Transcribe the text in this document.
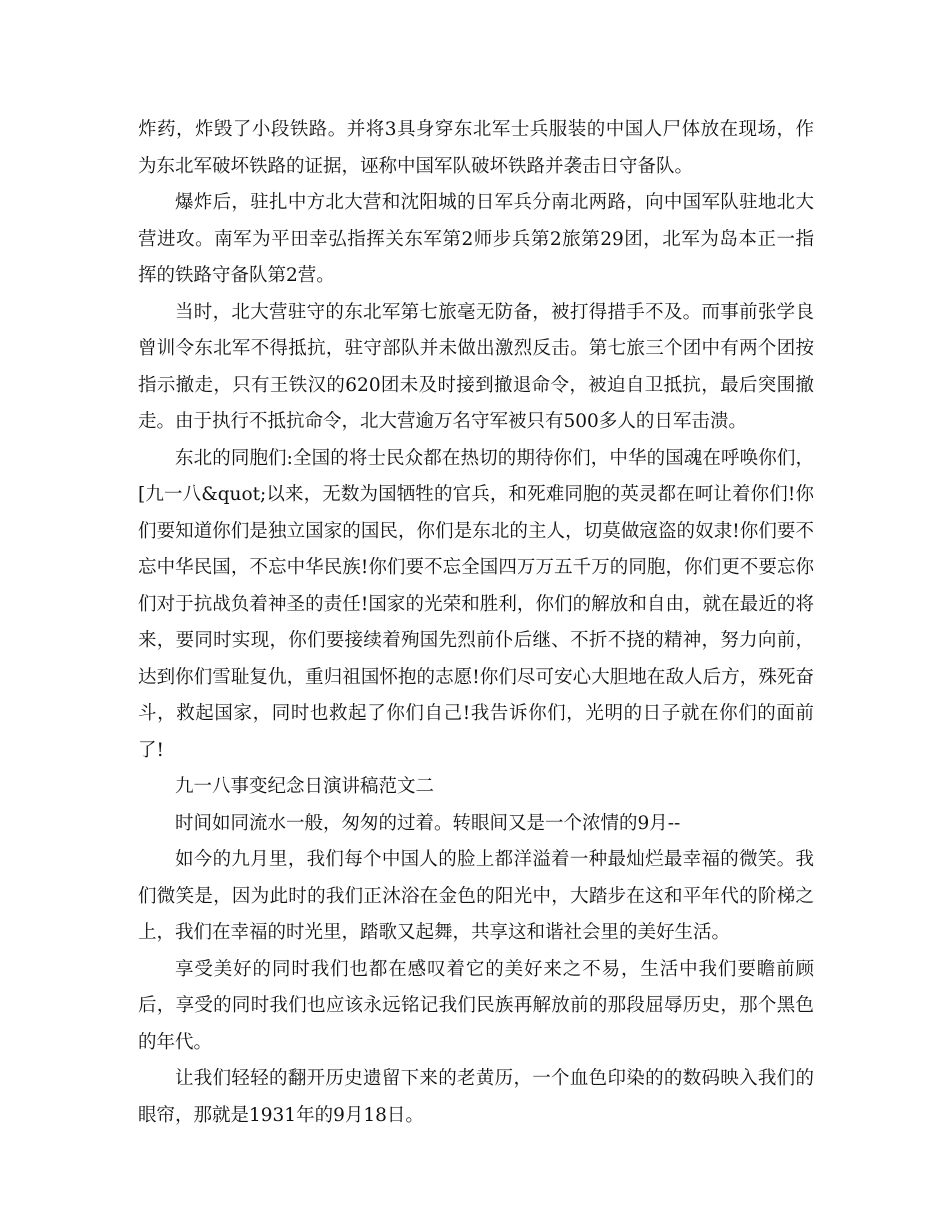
炸药，炸毁了小段铁路。并将3具身穿东北军士兵服装的中国人尸体放在现场，作为东北军破坏铁路的证据，诬称中国军队破坏铁路并袭击日守备队。

爆炸后，驻扎中方北大营和沈阳城的日军兵分南北两路，向中国军队驻地北大营进攻。南军为平田幸弘指挥关东军第2师步兵第2旅第29团，北军为岛本正一指挥的铁路守备队第2营。

当时，北大营驻守的东北军第七旅毫无防备，被打得措手不及。而事前张学良曾训令东北军不得抵抗，驻守部队并未做出激烈反击。第七旅三个团中有两个团按指示撤走，只有王铁汉的620团未及时接到撤退命令，被迫自卫抵抗，最后突围撤走。由于执行不抵抗命令，北大营逾万名守军被只有500多人的日军击溃。

东北的同胞们:全国的将士民众都在热切的期待你们，中华的国魂在呼唤你们，[九一八&quot;以来，无数为国牺牲的官兵，和死难同胞的英灵都在呵让着你们!你们要知道你们是独立国家的国民，你们是东北的主人，切莫做寇盗的奴隶!你们要不忘中华民国，不忘中华民族!你们要不忘全国四万万五千万的同胞，你们更不要忘你们对于抗战负着神圣的责任!国家的光荣和胜利，你们的解放和自由，就在最近的将来，要同时实现，你们要接续着殉国先烈前仆后继、不折不挠的精神，努力向前，达到你们雪耻复仇，重归祖国怀抱的志愿!你们尽可安心大胆地在敌人后方，殊死奋斗，救起国家，同时也救起了你们自己!我告诉你们，光明的日子就在你们的面前了!

九一八事变纪念日演讲稿范文二

时间如同流水一般，匆匆的过着。转眼间又是一个浓情的9月--

如今的九月里，我们每个中国人的脸上都洋溢着一种最灿烂最幸福的微笑。我们微笑是，因为此时的我们正沐浴在金色的阳光中，大踏步在这和平年代的阶梯之上，我们在幸福的时光里，踏歌又起舞，共享这和谐社会里的美好生活。

享受美好的同时我们也都在感叹着它的美好来之不易，生活中我们要瞻前顾后，享受的同时我们也应该永远铭记我们民族再解放前的那段屈辱历史，那个黑色的年代。

让我们轻轻的翻开历史遗留下来的老黄历，一个血色印染的的数码映入我们的眼帘，那就是1931年的9月18日。
